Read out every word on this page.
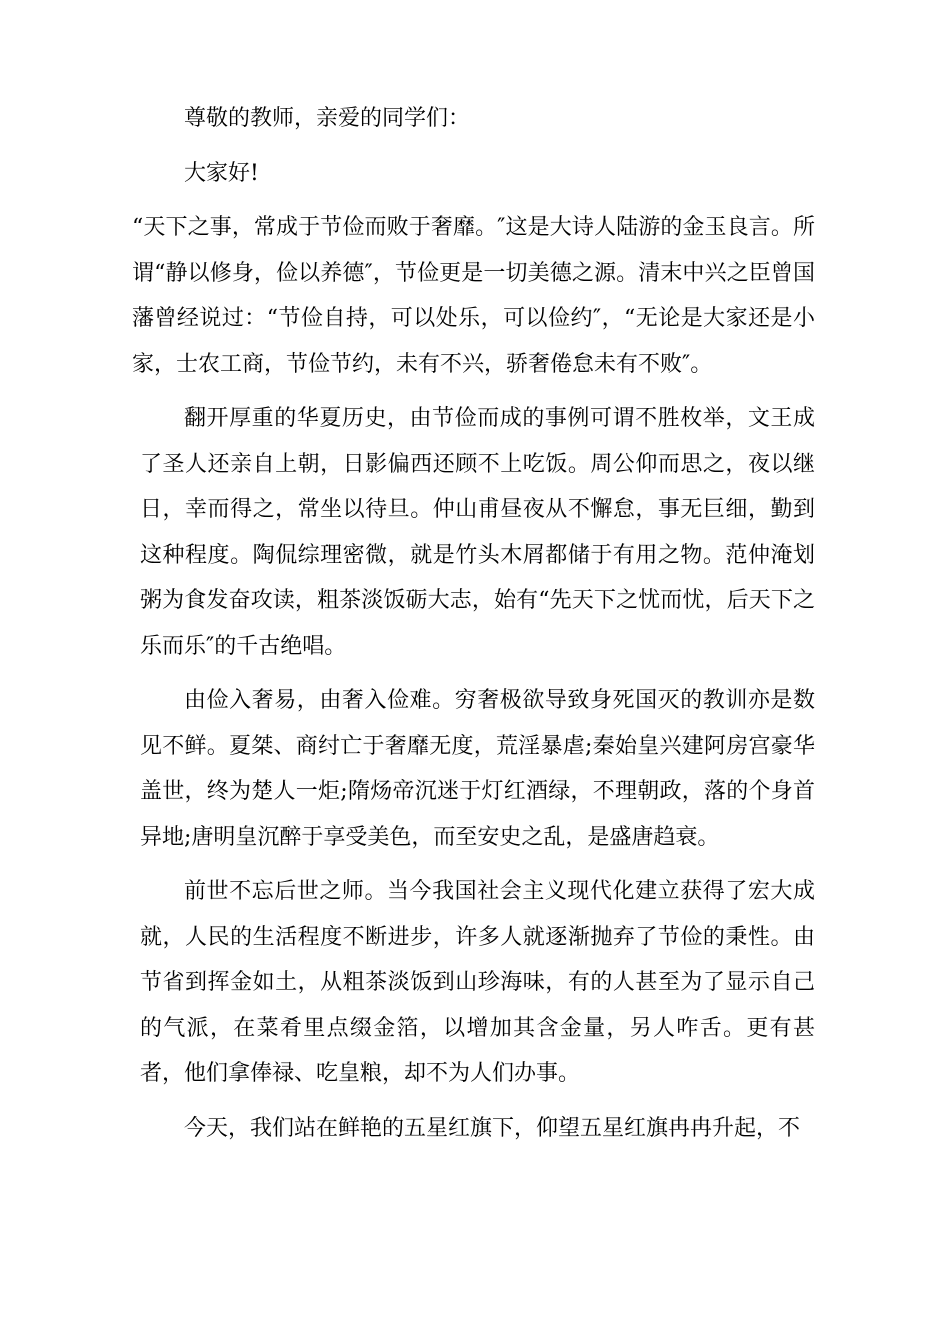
尊敬的教师，亲爱的同学们：

大家好!

“天下之事，常成于节俭而败于奢靡。″这是大诗人陆游的金玉良言。所谓“静以修身，俭以养德″，节俭更是一切美德之源。清末中兴之臣曾国藩曾经说过：“节俭自持，可以处乐，可以俭约″，“无论是大家还是小家，士农工商，节俭节约，未有不兴，骄奢倦怠未有不败″。

翻开厚重的华夏历史，由节俭而成的事例可谓不胜枚举，文王成了圣人还亲自上朝，日影偏西还顾不上吃饭。周公仰而思之，夜以继日，幸而得之，常坐以待旦。仲山甫昼夜从不懈怠，事无巨细，勤到这种程度。陶侃综理密微，就是竹头木屑都储于有用之物。范仲淹划粥为食发奋攻读，粗茶淡饭砺大志，始有“先天下之忧而忧，后天下之乐而乐″的千古绝唱。

由俭入奢易，由奢入俭难。穷奢极欲导致身死国灭的教训亦是数见不鲜。夏桀、商纣亡于奢靡无度，荒淫暴虐;秦始皇兴建阿房宫豪华盖世，终为楚人一炬;隋炀帝沉迷于灯红酒绿，不理朝政，落的个身首异地;唐明皇沉醉于享受美色，而至安史之乱，是盛唐趋衰。

前世不忘后世之师。当今我国社会主义现代化建立获得了宏大成就，人民的生活程度不断进步，许多人就逐渐抛弃了节俭的秉性。由节省到挥金如土，从粗茶淡饭到山珍海味，有的人甚至为了显示自己的气派，在菜肴里点缀金箔，以增加其含金量，另人咋舌。更有甚者，他们拿俸禄、吃皇粮，却不为人们办事。

今天，我们站在鲜艳的五星红旗下，仰望五星红旗冉冉升起，不
